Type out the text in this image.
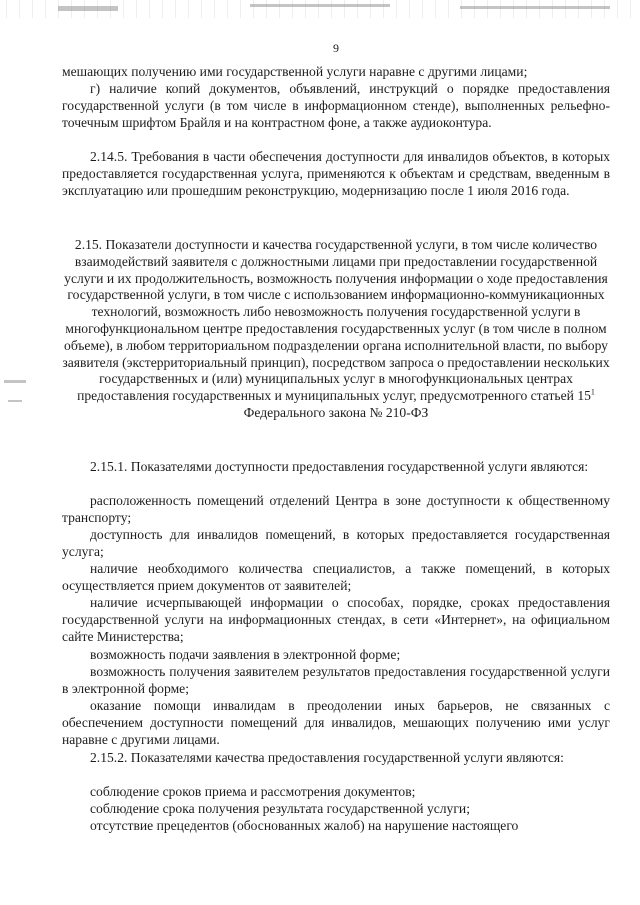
9
мешающих получению ими государственной услуги наравне с другими лицами;
г) наличие копий документов, объявлений, инструкций о порядке предоставления государственной услуги (в том числе в информационном стенде), выполненных рельефно-точечным шрифтом Брайля и на контрастном фоне, а также аудиоконтура.
2.14.5. Требования в части обеспечения доступности для инвалидов объектов, в которых предоставляется государственная услуга, применяются к объектам и средствам, введенным в эксплуатацию или прошедшим реконструкцию, модернизацию после 1 июля 2016 года.
2.15. Показатели доступности и качества государственной услуги, в том числе количество взаимодействий заявителя с должностными лицами при предоставлении государственной услуги и их продолжительность, возможность получения информации о ходе предоставления государственной услуги, в том числе с использованием информационно-коммуникационных технологий, возможность либо невозможность получения государственной услуги в многофункциональном центре предоставления государственных услуг (в том числе в полном объеме), в любом территориальном подразделении органа исполнительной власти, по выбору заявителя (экстерриториальный принцип), посредством запроса о предоставлении нескольких государственных и (или) муниципальных услуг в многофункциональных центрах предоставления государственных и муниципальных услуг, предусмотренного статьей $15^1$ Федерального закона № 210-ФЗ
2.15.1. Показателями доступности предоставления государственной услуги являются:
расположенность помещений отделений Центра в зоне доступности к общественному транспорту;
доступность для инвалидов помещений, в которых предоставляется государственная услуга;
наличие необходимого количества специалистов, а также помещений, в которых осуществляется прием документов от заявителей;
наличие исчерпывающей информации о способах, порядке, сроках предоставления государственной услуги на информационных стендах, в сети «Интернет», на официальном сайте Министерства;
возможность подачи заявления в электронной форме;
возможность получения заявителем результатов предоставления государственной услуги в электронной форме;
оказание помощи инвалидам в преодолении иных барьеров, не связанных с обеспечением доступности помещений для инвалидов, мешающих получению ими услуг наравне с другими лицами.
2.15.2. Показателями качества предоставления государственной услуги являются:
соблюдение сроков приема и рассмотрения документов;
соблюдение срока получения результата государственной услуги;
отсутствие прецедентов (обоснованных жалоб) на нарушение настоящего
